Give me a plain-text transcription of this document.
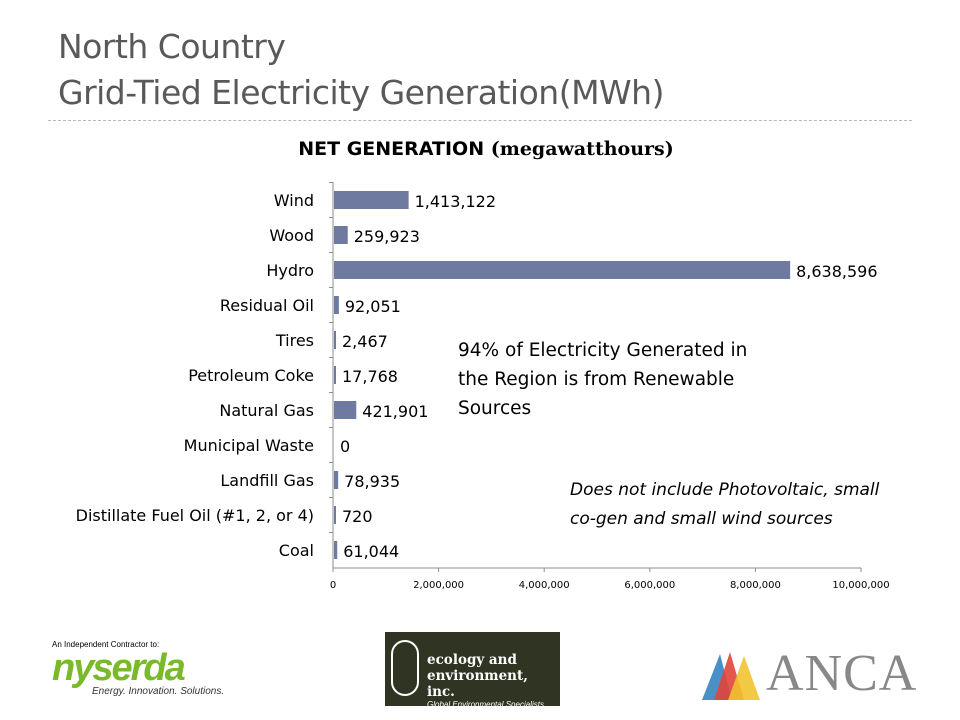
North Country
Grid-Tied Electricity Generation(MWh)
NET GENERATION (megawatthours)
Wind	1,413,122
Wood 259,923
Hydro	8,638,596
Residual Oil 92,051
Tires 2,467
Petroleum Coke 17,768
Natural Gas	421,901
Municipal Waste 0
Landfill Gas 78,935
Distillate Fuel Oil (#1, 2, or 4) 720
Coal 61,044
0	2,000,000	4,000,000	6,000,000	8,000,000	10,000,000
94% of Electricity Generated in
the Region is from Renewable
Sources
Does not include Photovoltaic, small
co-gen and small wind sources
An Independent Contractor to:
nyserda
Energy. Innovation. Solutions.
ecology and
environment, inc.
Global Environmental Specialists
ANCA
